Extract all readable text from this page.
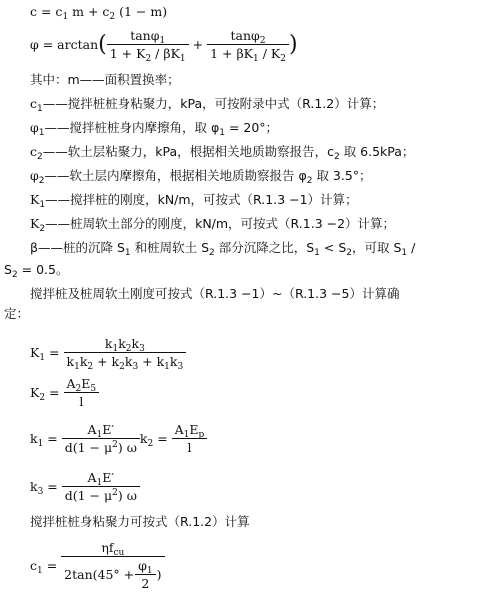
$c = c_1$ $m + c_2$ (1 − m)
φ = arctan ( $\frac{\tan\varphi_1}{1 + K_2 / \beta K_1} + \frac{\tan\varphi_2}{1 + \beta K_1 / K_2}$ )
其中：m——面积置换率；
$c_1——$搅拌桩桩身粘聚力，kPa，可按附录中式（R.1.2）计算；
$\varphi_1——$搅拌桩桩身内摩擦角，取 $\varphi_1 = 20^\circ$；
$c_2——$软土层粘聚力，kPa，根据相关地质勘察报告，$c_2$ 取 6.5kPa；
$\varphi_2——$软土层内摩擦角，根据相关地质勘察报告 $\varphi_2$ 取 3.5°；
$K_1——$搅拌桩的刚度，kN/m，可按式（R.1.3 −1）计算；
$K_2——$桩周软土部分的刚度，kN/m，可按式（R.1.3 −2）计算；
β——桩的沉降 $S_1$ 和桩周软土 $S_2$ 部分沉降之比，$S_1 < S_2$，可取 $S_1$ /
$S_2 = 0.5$。
搅拌桩及桩周软土刚度可按式（R.1.3 −1）~（R.1.3 −5）计算确
定：
$K_1 = \frac{k_1k_2k_3}{k_1k_2 + k_2k_3 + k_1k_3}$
$K_2 = \frac{A_2E_5}{l}$
$k_1 = \frac{A_1E'}{d(1 - \mu^2) \omega} k_2 = \frac{A_1E_p}{l}$
$k_3 = \frac{A_1E'}{d(1 - \mu^2) \omega}$
搅拌桩桩身粘聚力可按式（R.1.2）计算
$c_1 = \frac{\eta f_{cu}}{2\tan(45^\circ + \frac{\varphi_1}{2} )}$
